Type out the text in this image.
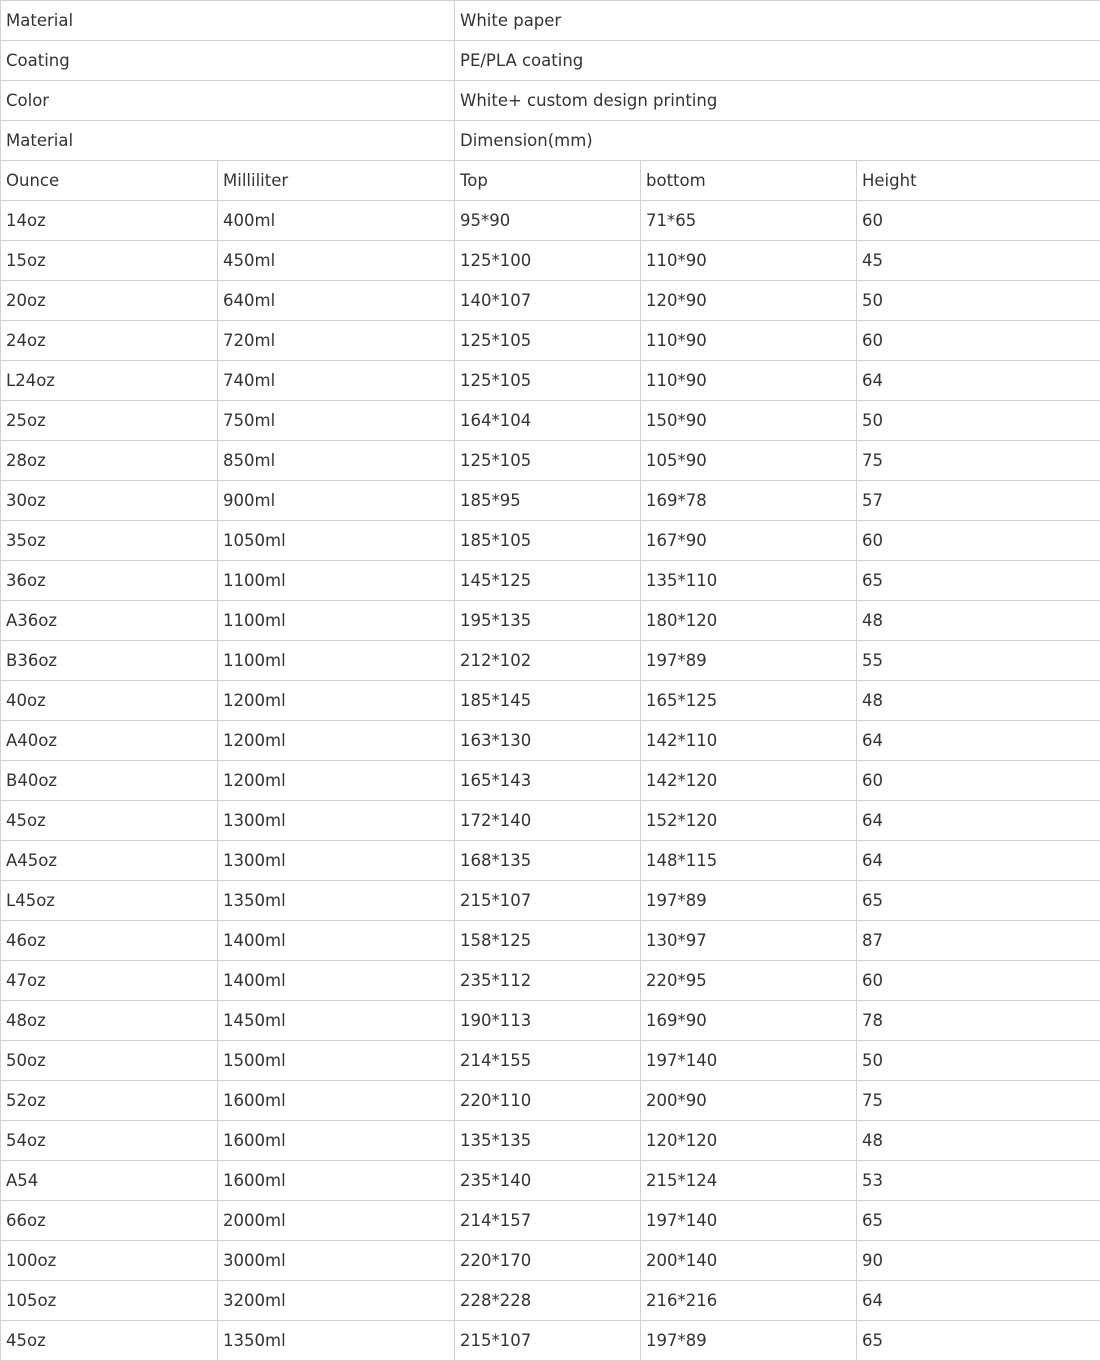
Material		White paper		
Coating		PE/PLA coating		
Color		White+ custom design printing		
Material		Dimension(mm)		
Ounce	Milliliter	Top	bottom	Height
14oz	400ml	95*90	71*65	60
15oz	450ml	125*100	110*90	45
20oz	640ml	140*107	120*90	50
24oz	720ml	125*105	110*90	60
L24oz	740ml	125*105	110*90	64
25oz	750ml	164*104	150*90	50
28oz	850ml	125*105	105*90	75
30oz	900ml	185*95	169*78	57
35oz	1050ml	185*105	167*90	60
36oz	1100ml	145*125	135*110	65
A36oz	1100ml	195*135	180*120	48
B36oz	1100ml	212*102	197*89	55
40oz	1200ml	185*145	165*125	48
A40oz	1200ml	163*130	142*110	64
B40oz	1200ml	165*143	142*120	60
45oz	1300ml	172*140	152*120	64
A45oz	1300ml	168*135	148*115	64
L45oz	1350ml	215*107	197*89	65
46oz	1400ml	158*125	130*97	87
47oz	1400ml	235*112	220*95	60
48oz	1450ml	190*113	169*90	78
50oz	1500ml	214*155	197*140	50
52oz	1600ml	220*110	200*90	75
54oz	1600ml	135*135	120*120	48
A54	1600ml	235*140	215*124	53
66oz	2000ml	214*157	197*140	65
100oz	3000ml	220*170	200*140	90
105oz	3200ml	228*228	216*216	64
45oz	1350ml	215*107	197*89	65
